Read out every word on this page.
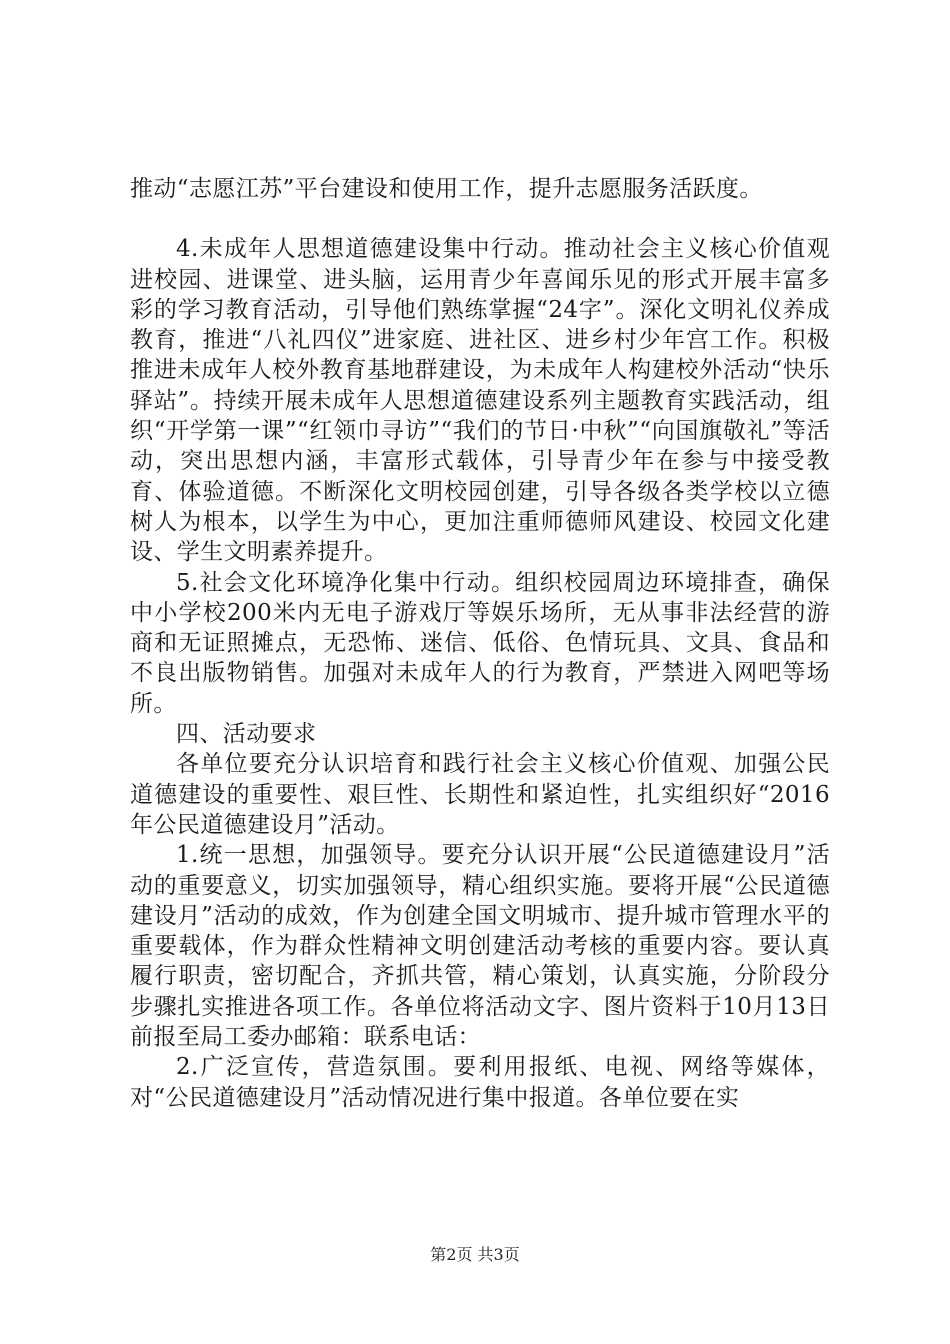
推动“志愿江苏”平台建设和使用工作，提升志愿服务活跃度。

4.未成年人思想道德建设集中行动。推动社会主义核心价值观进校园、进课堂、进头脑，运用青少年喜闻乐见的形式开展丰富多彩的学习教育活动，引导他们熟练掌握“24字”。深化文明礼仪养成教育，推进“八礼四仪”进家庭、进社区、进乡村少年宫工作。积极推进未成年人校外教育基地群建设，为未成年人构建校外活动“快乐驿站”。持续开展未成年人思想道德建设系列主题教育实践活动，组织“开学第一课”“红领巾寻访”“我们的节日·中秋”“向国旗敬礼”等活动，突出思想内涵，丰富形式载体，引导青少年在参与中接受教育、体验道德。不断深化文明校园创建，引导各级各类学校以立德树人为根本，以学生为中心，更加注重师德师风建设、校园文化建设、学生文明素养提升。

5.社会文化环境净化集中行动。组织校园周边环境排查，确保中小学校200米内无电子游戏厅等娱乐场所，无从事非法经营的游商和无证照摊点，无恐怖、迷信、低俗、色情玩具、文具、食品和不良出版物销售。加强对未成年人的行为教育，严禁进入网吧等场所。

四、活动要求

各单位要充分认识培育和践行社会主义核心价值观、加强公民道德建设的重要性、艰巨性、长期性和紧迫性，扎实组织好“2016年公民道德建设月”活动。

1.统一思想，加强领导。要充分认识开展“公民道德建设月”活动的重要意义，切实加强领导，精心组织实施。要将开展“公民道德建设月”活动的成效，作为创建全国文明城市、提升城市管理水平的重要载体，作为群众性精神文明创建活动考核的重要内容。要认真履行职责，密切配合，齐抓共管，精心策划，认真实施，分阶段分步骤扎实推进各项工作。各单位将活动文字、图片资料于10月13日前报至局工委办邮箱：联系电话：

2.广泛宣传，营造氛围。要利用报纸、电视、网络等媒体，对“公民道德建设月”活动情况进行集中报道。各单位要在实

第2页 共3页
